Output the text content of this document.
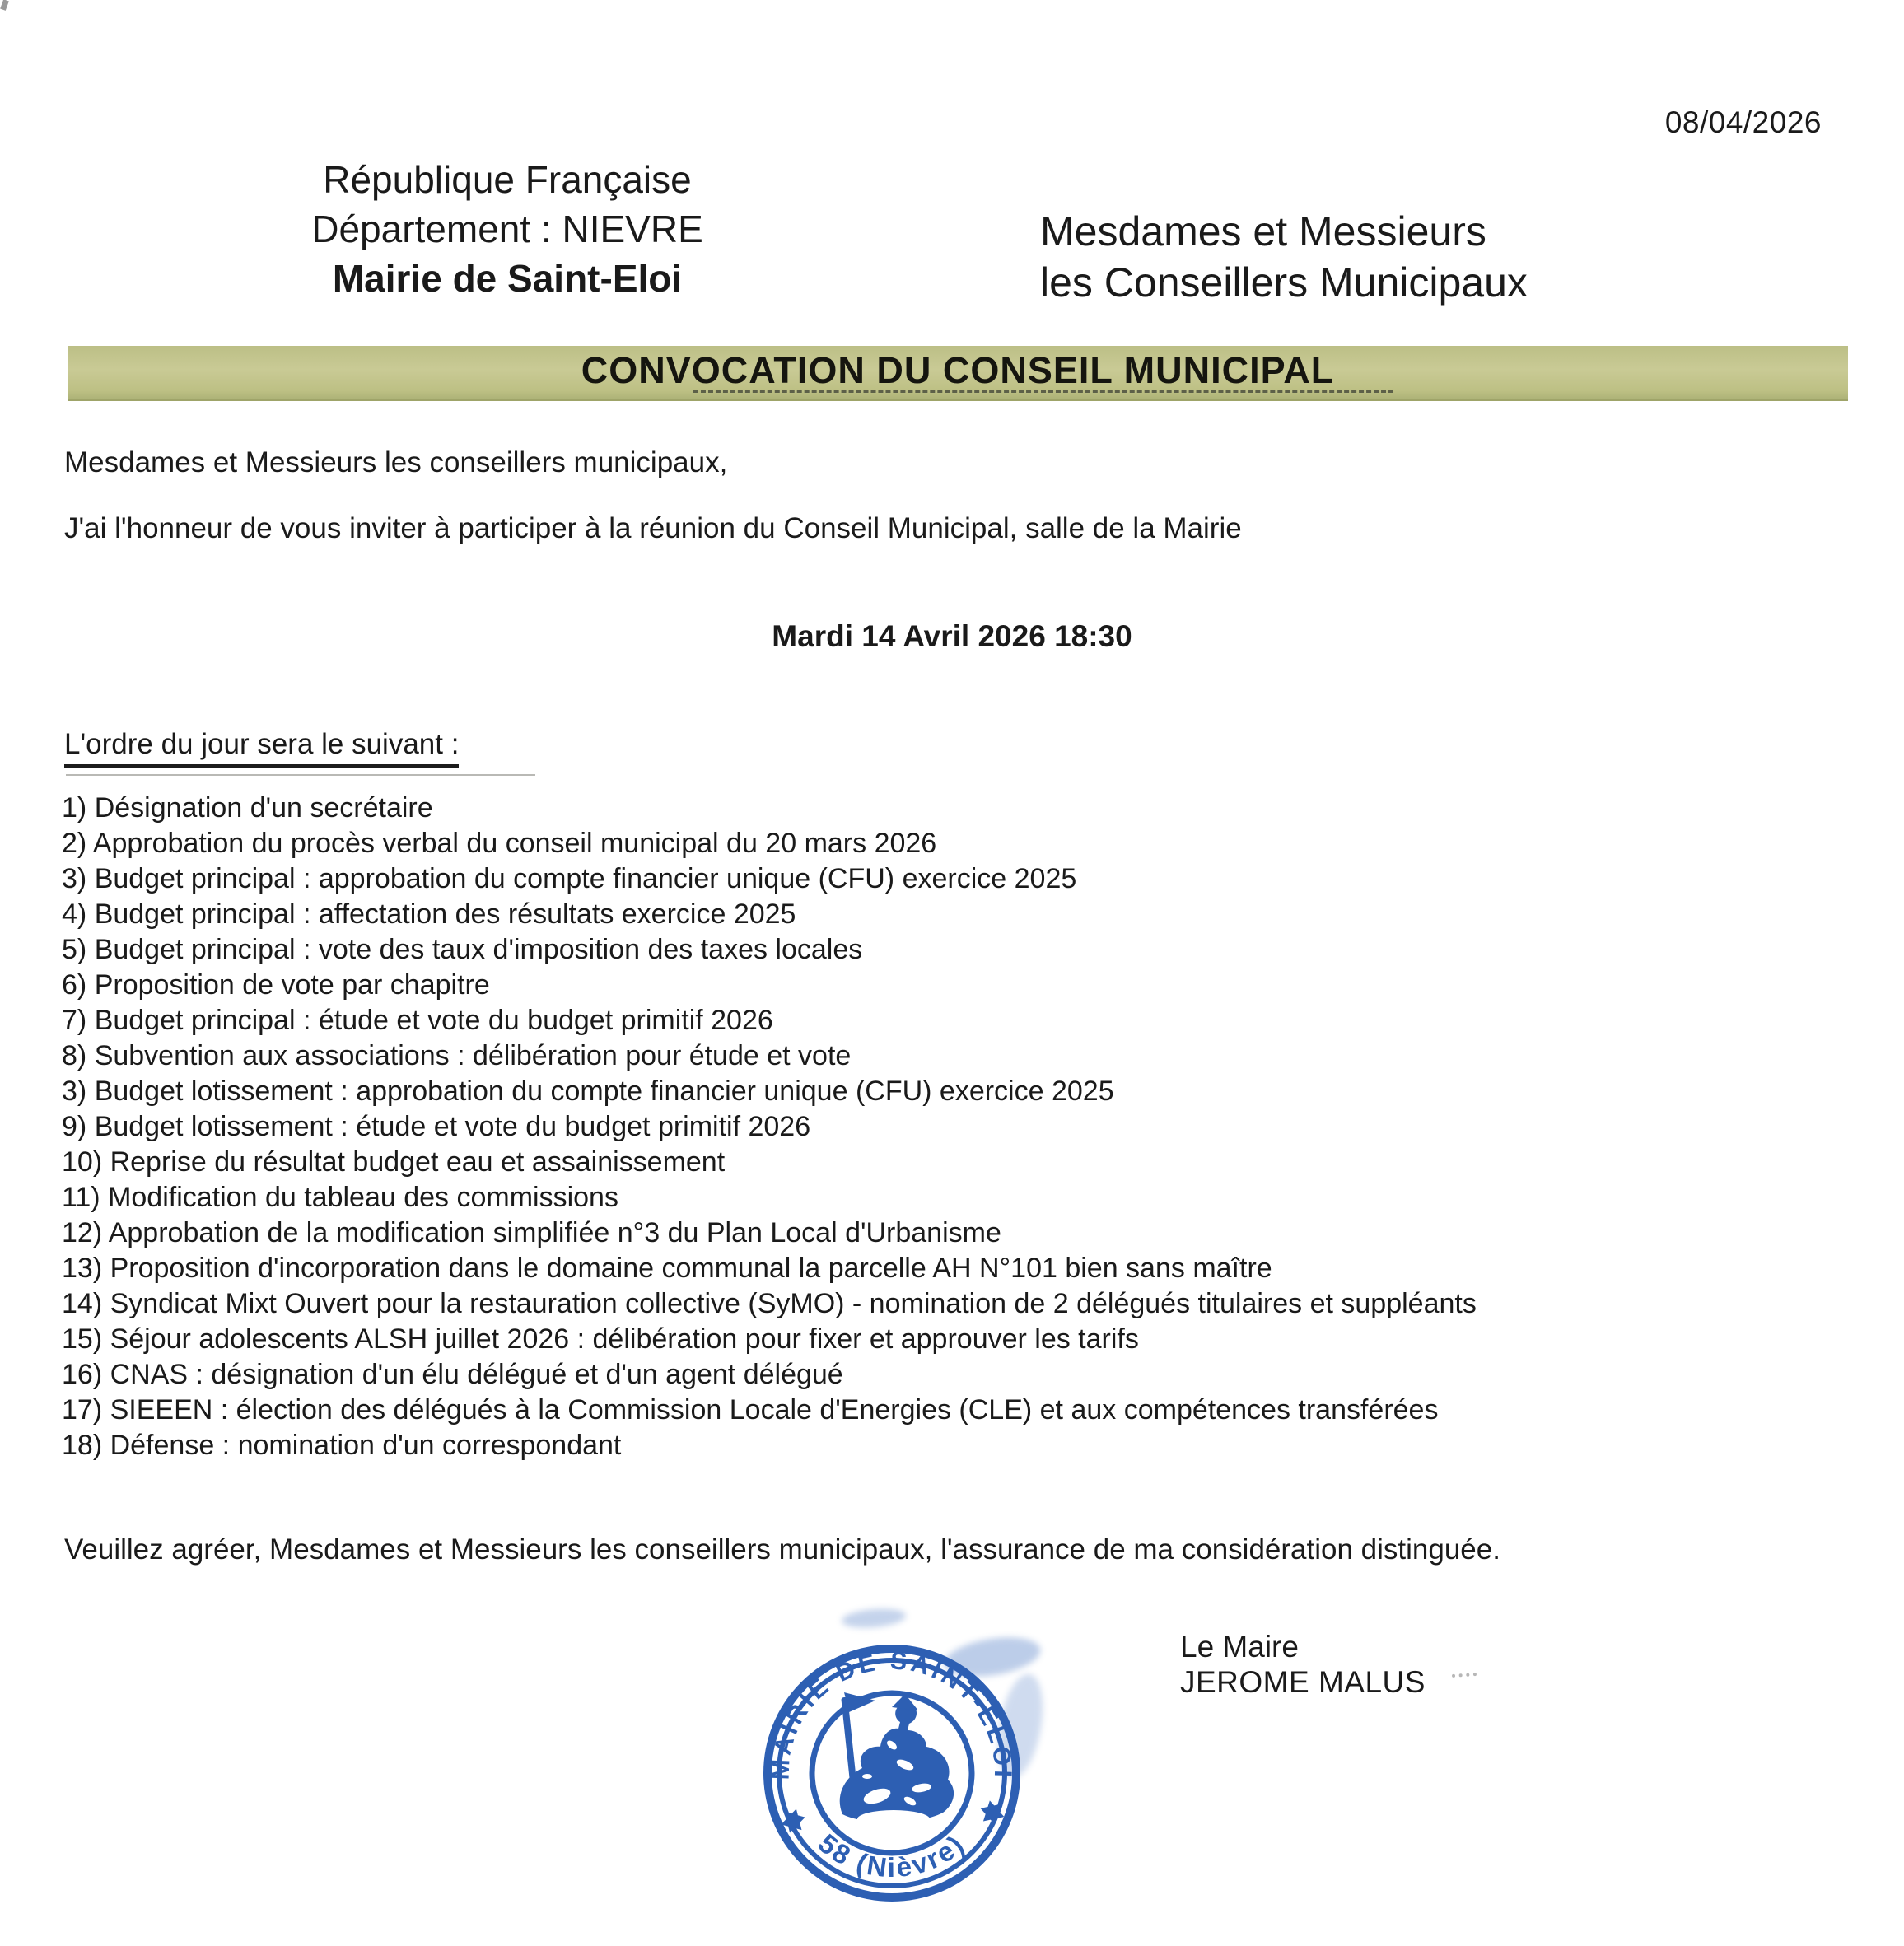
08/04/2026
République Française
Département : NIEVRE
Mairie de Saint-Eloi
Mesdames et Messieurs
les Conseillers Municipaux
CONVOCATION DU CONSEIL MUNICIPAL
Mesdames et Messieurs les conseillers municipaux,
J'ai l'honneur de vous inviter à participer à la réunion du Conseil Municipal, salle de la Mairie
Mardi 14 Avril 2026 18:30
L'ordre du jour sera le suivant :
1) Désignation d'un secrétaire
2) Approbation du procès verbal du conseil municipal du 20 mars 2026
3) Budget principal : approbation du compte financier unique (CFU) exercice 2025
4) Budget principal : affectation des résultats exercice 2025
5) Budget principal : vote des taux d'imposition des taxes locales
6) Proposition de vote par chapitre
7) Budget principal : étude et vote du budget primitif 2026
8) Subvention aux associations : délibération pour étude et vote
3) Budget lotissement : approbation du compte financier unique (CFU) exercice 2025
9) Budget lotissement : étude et vote du budget primitif 2026
10) Reprise du résultat budget eau et assainissement
11) Modification du tableau des commissions
12) Approbation de la modification simplifiée n°3 du Plan Local d'Urbanisme
13) Proposition d'incorporation dans le domaine communal la parcelle AH N°101 bien sans maître
14) Syndicat Mixt Ouvert pour la restauration collective (SyMO) - nomination de 2 délégués titulaires et suppléants
15) Séjour adolescents ALSH juillet 2026 : délibération pour fixer et approuver les tarifs
16) CNAS : désignation d'un élu délégué et d'un agent délégué
17) SIEEEN : élection des délégués à la Commission Locale d'Energies (CLE) et aux compétences transférées
18) Défense : nomination d'un correspondant
Veuillez agréer, Mesdames et Messieurs les conseillers municipaux, l'assurance de ma considération distinguée.
Le Maire
JEROME MALUS
MAIRIE DE SAINT-ELOI
58 (Nièvre)
